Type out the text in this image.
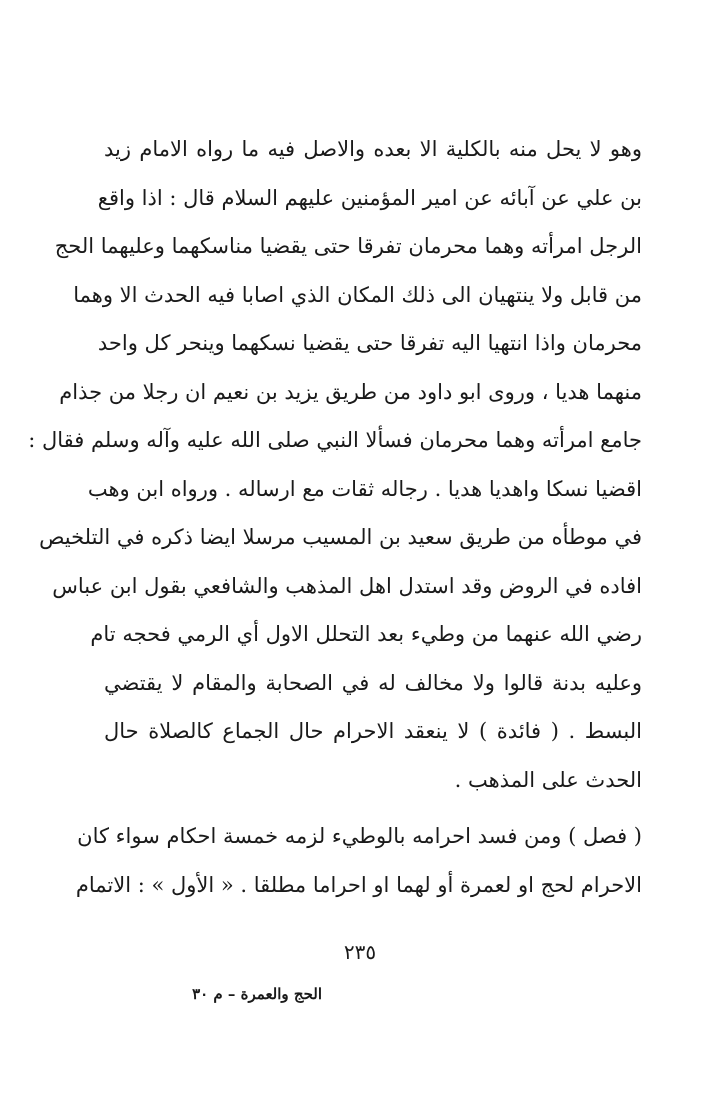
وهو لا يحل منه بالكلية الا بعده والاصل فيه ما رواه الامام زيد
بن علي عن آبائه عن امير المؤمنين عليهم السلام قال : اذا واقع
الرجل امرأته وهما محرمان تفرقا حتى يقضيا مناسكهما وعليهما الحج
من قابل ولا ينتهيان الى ذلك المكان الذي اصابا فيه الحدث الا وهما
محرمان واذا انتهيا اليه تفرقا حتى يقضيا نسكهما وينحر كل واحد
منهما هديا ، وروى ابو داود من طريق يزيد بن نعيم ان رجلا من جذام
جامع امرأته وهما محرمان فسألا النبي صلى الله عليه وآله وسلم فقال :
اقضيا نسكا واهديا هديا . رجاله ثقات مع ارساله . ورواه ابن وهب
في موطأه من طريق سعيد بن المسيب مرسلا ايضا ذكره في التلخيص
افاده في الروض وقد استدل اهل المذهب والشافعي بقول ابن عباس
رضي الله عنهما من وطيء بعد التحلل الاول أي الرمي فحجه تام
وعليه بدنة قالوا ولا مخالف له في الصحابة والمقام لا يقتضي
البسط . ( فائدة ) لا ينعقد الاحرام حال الجماع كالصلاة حال
الحدث على المذهب .
( فصل ) ومن فسد احرامه بالوطيء لزمه خمسة احكام سواء كان
الاحرام لحج او لعمرة أو لهما او احراما مطلقا . « الأول » : الاتمام
٢٣٥
الحج والعمرة – م ٣٠
